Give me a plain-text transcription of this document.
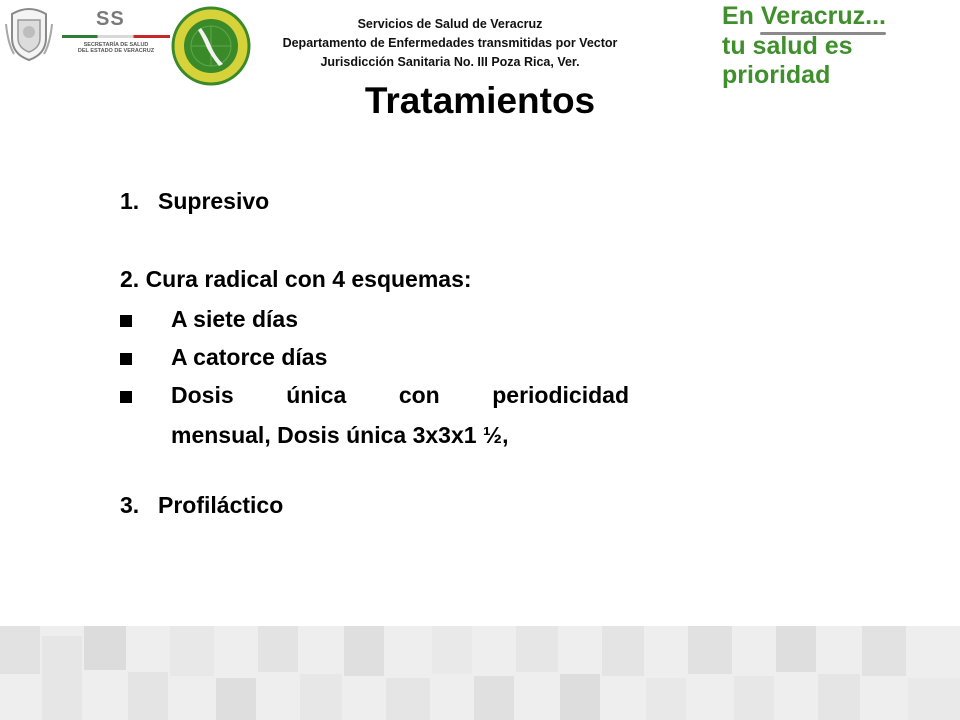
SS
SECRETARÍA DE SALUD
DEL ESTADO DE VERACRUZ
Servicios de Salud de Veracruz
Departamento de Enfermedades transmitidas por Vector
Jurisdicción Sanitaria No. III Poza Rica, Ver.
En Veracruz...
tu salud es prioridad
Tratamientos
1. Supresivo
2. Cura radical con 4 esquemas:
A siete días
A catorce días
Dosis única con periodicidad
mensual, Dosis única 3x3x1 ½,
3. Profiláctico
